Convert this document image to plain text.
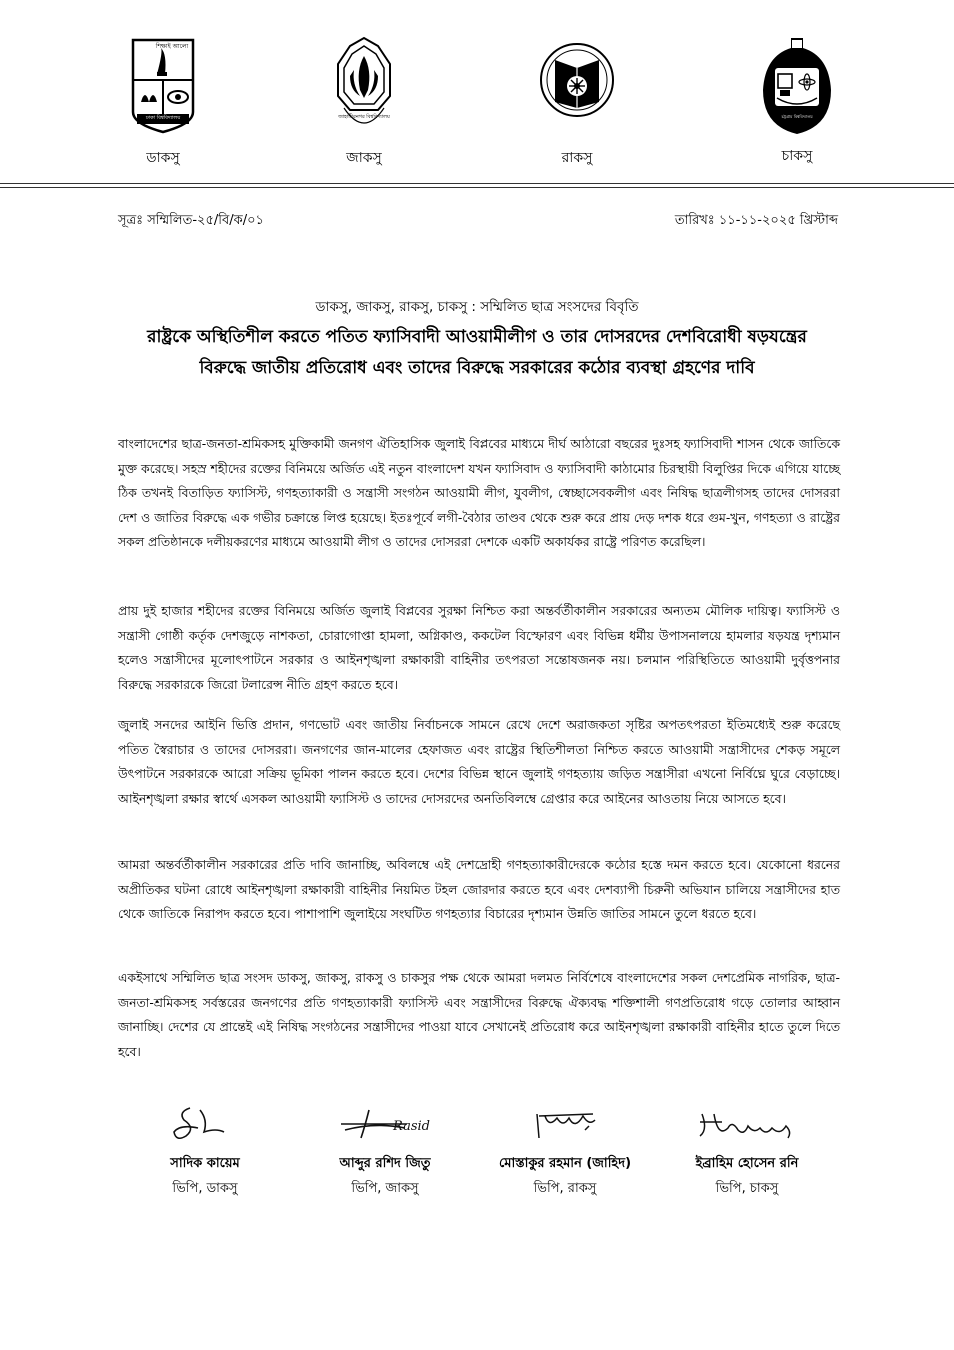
শিক্ষাই আলো
ঢাকা বিশ্ববিদ্যালয়
ডাকসু
জাহাঙ্গীরনগর বিশ্ববিদ্যালয়
জাকসু	রাকসু
চট্টগ্রাম বিশ্ববিদ্যালয়
চাকসু
সূত্রঃ সম্মিলিত-২৫/বি/ক/০১	তারিখঃ ১১-১১-২০২৫ খ্রিস্টাব্দ
ডাকসু, জাকসু, রাকসু, চাকসু : সম্মিলিত ছাত্র সংসদের বিবৃতি
রাষ্ট্রকে অস্থিতিশীল করতে পতিত ফ্যাসিবাদী আওয়ামীলীগ ও তার দোসরদের দেশবিরোধী ষড়যন্ত্রের
বিরুদ্ধে জাতীয় প্রতিরোধ এবং তাদের বিরুদ্ধে সরকারের কঠোর ব্যবস্থা গ্রহণের দাবি
বাংলাদেশের ছাত্র-জনতা-শ্রমিকসহ মুক্তিকামী জনগণ ঐতিহাসিক জুলাই বিপ্লবের মাধ্যমে দীর্ঘ আঠারো বছরের দুঃসহ ফ্যাসিবাদী শাসন থেকে জাতিকে মুক্ত করেছে। সহস্র শহীদের রক্তের বিনিময়ে অর্জিত এই নতুন বাংলাদেশ যখন ফ্যাসিবাদ ও ফ্যাসিবাদী কাঠামোর চিরস্থায়ী বিলুপ্তির দিকে এগিয়ে যাচ্ছে ঠিক তখনই বিতাড়িত ফ্যাসিস্ট, গণহত্যাকারী ও সন্ত্রাসী সংগঠন আওয়ামী লীগ, যুবলীগ, স্বেচ্ছাসেবকলীগ এবং নিষিদ্ধ ছাত্রলীগসহ তাদের দোসররা দেশ ও জাতির বিরুদ্ধে এক গভীর চক্রান্তে লিপ্ত হয়েছে। ইতঃপূর্বে লগী-বৈঠার তাণ্ডব থেকে শুরু করে প্রায় দেড় দশক ধরে গুম-খুন, গণহত্যা ও রাষ্ট্রের সকল প্রতিষ্ঠানকে দলীয়করণের মাধ্যমে আওয়ামী লীগ ও তাদের দোসররা দেশকে একটি অকার্যকর রাষ্ট্রে পরিণত করেছিল।
প্রায় দুই হাজার শহীদের রক্তের বিনিময়ে অর্জিত জুলাই বিপ্লবের সুরক্ষা নিশ্চিত করা অন্তর্বর্তীকালীন সরকারের অন্যতম মৌলিক দায়িত্ব। ফ্যাসিস্ট ও সন্ত্রাসী গোষ্ঠী কর্তৃক দেশজুড়ে নাশকতা, চোরাগোপ্তা হামলা, অগ্নিকাণ্ড, ককটেল বিস্ফোরণ এবং বিভিন্ন ধর্মীয় উপাসনালয়ে হামলার ষড়যন্ত্র দৃশ্যমান হলেও সন্ত্রাসীদের মূলোৎপাটনে সরকার ও আইনশৃঙ্খলা রক্ষাকারী বাহিনীর তৎপরতা সন্তোষজনক নয়। চলমান পরিস্থিতিতে আওয়ামী দুর্বৃত্তপনার বিরুদ্ধে সরকারকে জিরো টলারেন্স নীতি গ্রহণ করতে হবে।
জুলাই সনদের আইনি ভিত্তি প্রদান, গণভোট এবং জাতীয় নির্বাচনকে সামনে রেখে দেশে অরাজকতা সৃষ্টির অপতৎপরতা ইতিমধ্যেই শুরু করেছে পতিত স্বৈরাচার ও তাদের দোসররা। জনগণের জান-মালের হেফাজত এবং রাষ্ট্রের স্থিতিশীলতা নিশ্চিত করতে আওয়ামী সন্ত্রাসীদের শেকড় সমূলে উৎপাটনে সরকারকে আরো সক্রিয় ভূমিকা পালন করতে হবে। দেশের বিভিন্ন স্থানে জুলাই গণহত্যায় জড়িত সন্ত্রাসীরা এখনো নির্বিঘ্নে ঘুরে বেড়াচ্ছে। আইনশৃঙ্খলা রক্ষার স্বার্থে এসকল আওয়ামী ফ্যাসিস্ট ও তাদের দোসরদের অনতিবিলম্বে গ্রেপ্তার করে আইনের আওতায় নিয়ে আসতে হবে।
আমরা অন্তর্বর্তীকালীন সরকারের প্রতি দাবি জানাচ্ছি, অবিলম্বে এই দেশদ্রোহী গণহত্যাকারীদেরকে কঠোর হস্তে দমন করতে হবে। যেকোনো ধরনের অপ্রীতিকর ঘটনা রোধে আইনশৃঙ্খলা রক্ষাকারী বাহিনীর নিয়মিত টহল জোরদার করতে হবে এবং দেশব্যাপী চিরুনী অভিযান চালিয়ে সন্ত্রাসীদের হাত থেকে জাতিকে নিরাপদ করতে হবে। পাশাপাশি জুলাইয়ে সংঘটিত গণহত্যার বিচারের দৃশ্যমান উন্নতি জাতির সামনে তুলে ধরতে হবে।
একইসাথে সম্মিলিত ছাত্র সংসদ ডাকসু, জাকসু, রাকসু ও চাকসুর পক্ষ থেকে আমরা দলমত নির্বিশেষে বাংলাদেশের সকল দেশপ্রেমিক নাগরিক, ছাত্র-জনতা-শ্রমিকসহ সর্বস্তরের জনগণের প্রতি গণহত্যাকারী ফ্যাসিস্ট এবং সন্ত্রাসীদের বিরুদ্ধে ঐক্যবদ্ধ শক্তিশালী গণপ্রতিরোধ গড়ে তোলার আহ্বান জানাচ্ছি। দেশের যে প্রান্তেই এই নিষিদ্ধ সংগঠনের সন্ত্রাসীদের পাওয়া যাবে সেখানেই প্রতিরোধ করে আইনশৃঙ্খলা রক্ষাকারী বাহিনীর হাতে তুলে দিতে হবে।
সাদিক কায়েম
ভিপি, ডাকসু
Rasid
আব্দুর রশিদ জিতু
ভিপি, জাকসু
মোস্তাকুর রহমান (জাহিদ)
ভিপি, রাকসু
ইব্রাহিম হোসেন রনি
ভিপি, চাকসু
